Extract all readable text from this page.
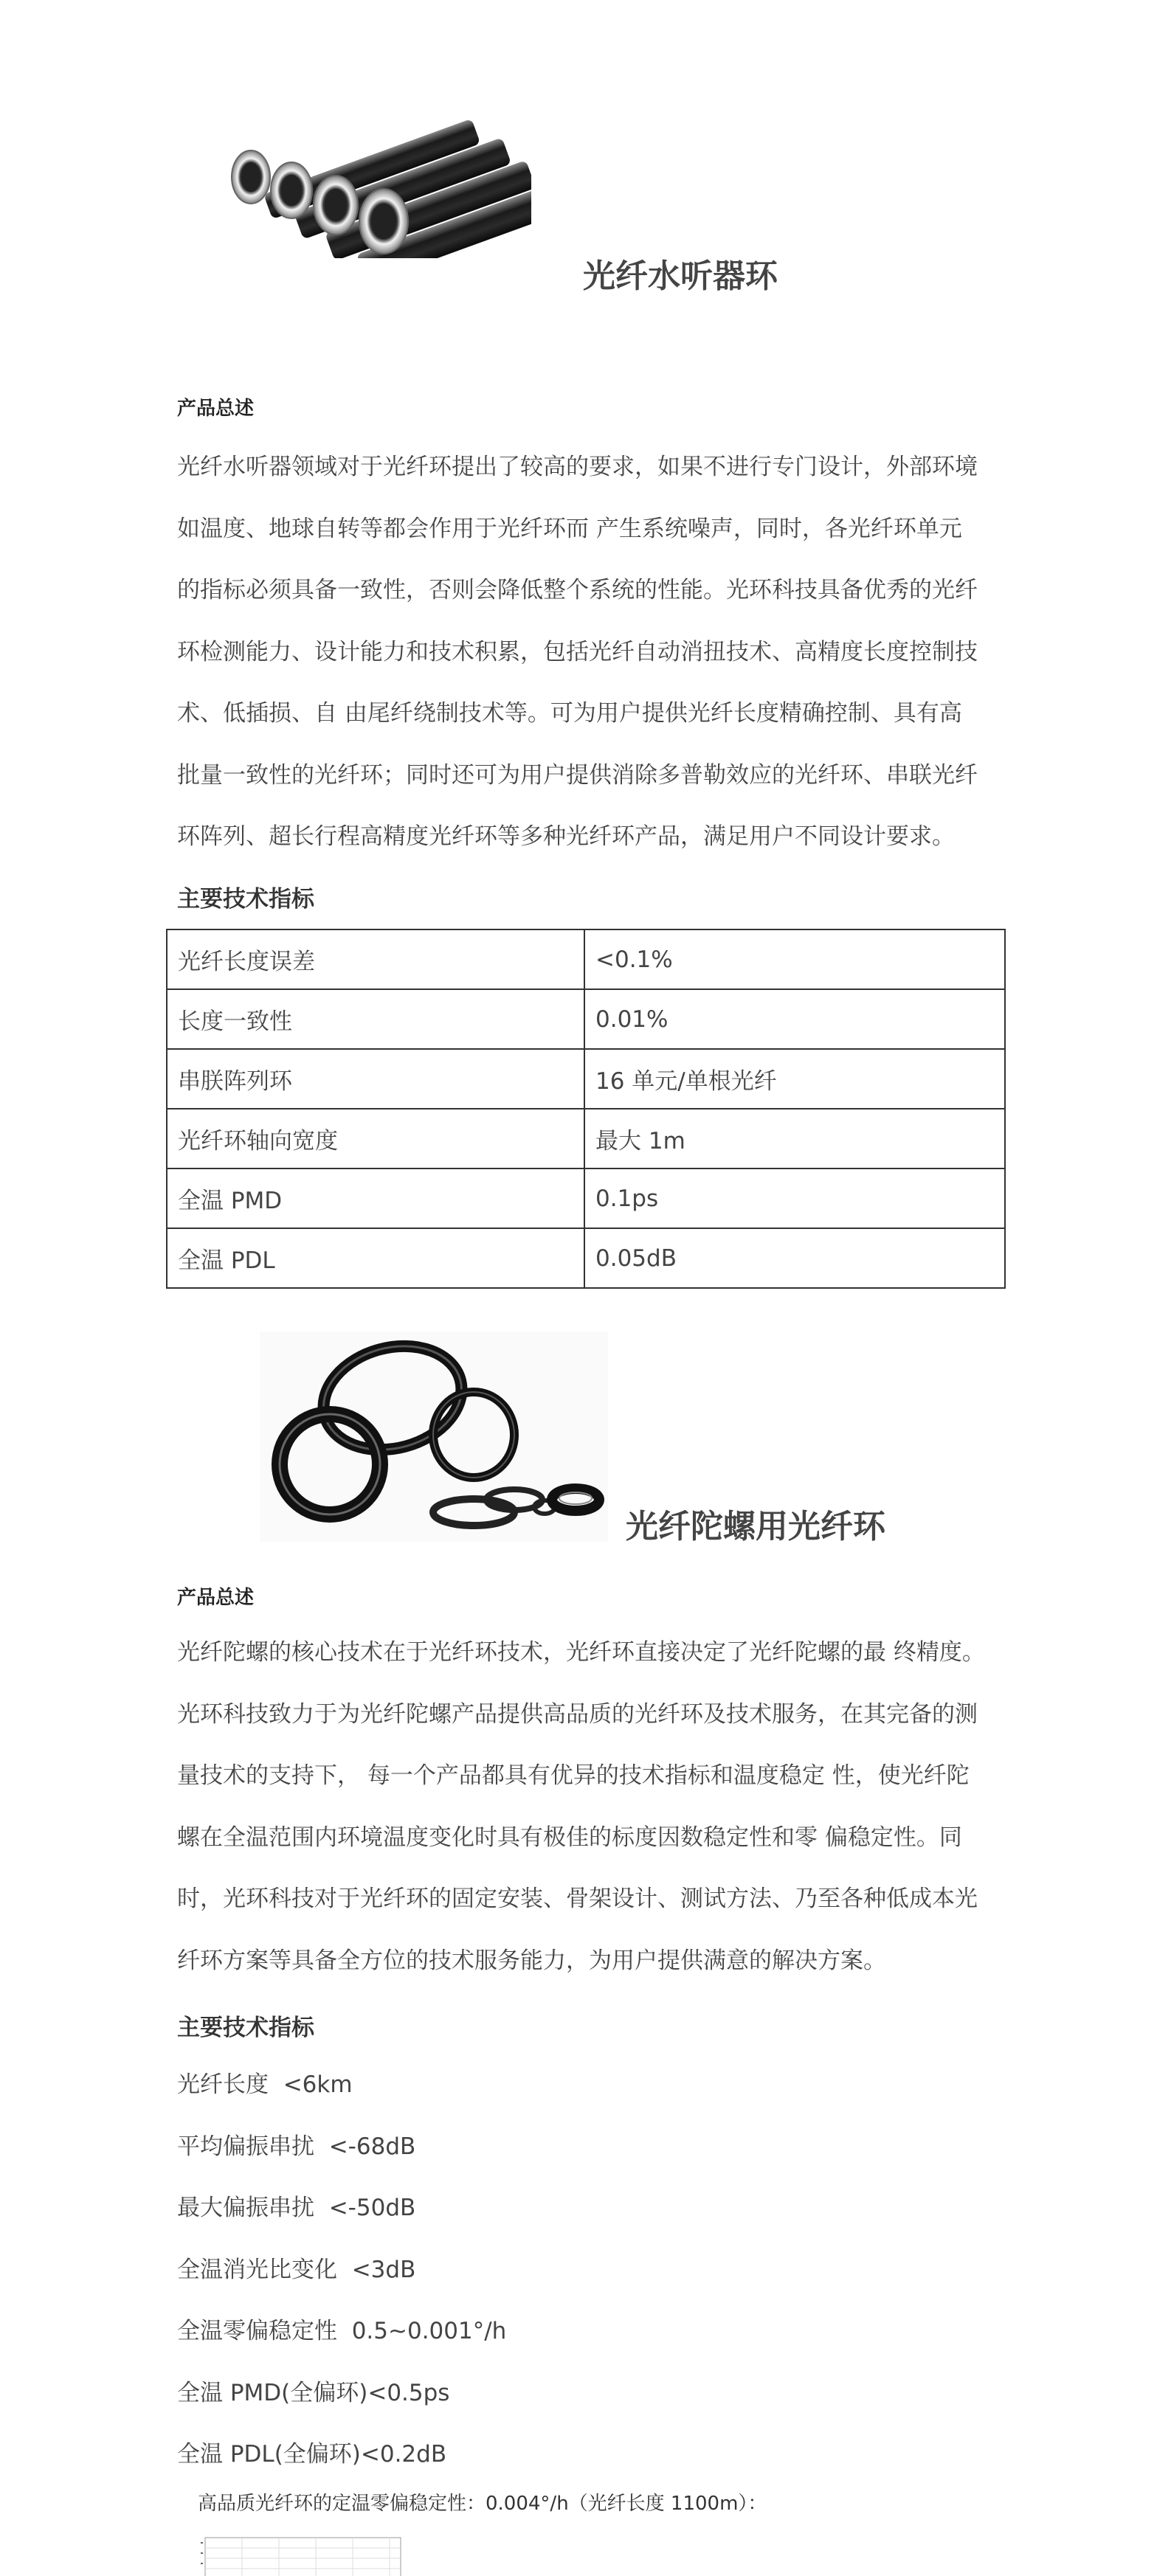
光纤水听器环
产品总述
光纤水听器领域对于光纤环提出了较高的要求，如果不进行专门设计，外部环境
如温度、地球自转等都会作用于光纤环而 产生系统噪声，同时，各光纤环单元
的指标必须具备一致性，否则会降低整个系统的性能。光环科技具备优秀的光纤
环检测能力、设计能力和技术积累，包括光纤自动消扭技术、高精度长度控制技
术、低插损、自 由尾纤绕制技术等。可为用户提供光纤长度精确控制、具有高
批量一致性的光纤环；同时还可为用户提供消除多普勒效应的光纤环、串联光纤
环阵列、超长行程高精度光纤环等多种光纤环产品，满足用户不同设计要求。
主要技术指标
光纤长度误差	<0.1%
长度一致性	0.01%
串朕阵列环	16 单元/单根光纤
光纤环轴向宽度	最大 1m
全温 PMD	0.1ps
全温 PDL	0.05dB
光纤陀螺用光纤环
产品总述
光纤陀螺的核心技术在于光纤环技术，光纤环直接决定了光纤陀螺的最 终精度。
光环科技致力于为光纤陀螺产品提供高品质的光纤环及技术服务，在其完备的测
量技术的支持下， 每一个产品都具有优异的技术指标和温度稳定 性，使光纤陀
螺在全温范围内环境温度变化时具有极佳的标度因数稳定性和零 偏稳定性。同
时，光环科技对于光纤环的固定安装、骨架设计、测试方法、乃至各种低成本光
纤环方案等具备全方位的技术服务能力，为用户提供满意的解决方案。
主要技术指标
光纤长度  <6km
平均偏振串扰  <-68dB
最大偏振串扰  <-50dB
全温消光比变化  <3dB
全温零偏稳定性  0.5~0.001°/h
全温 PMD(全偏环)<0.5ps
全温 PDL(全偏环)<0.2dB
高品质光纤环的定温零偏稳定性：0.004°/h（光纤长度 1100m）：
